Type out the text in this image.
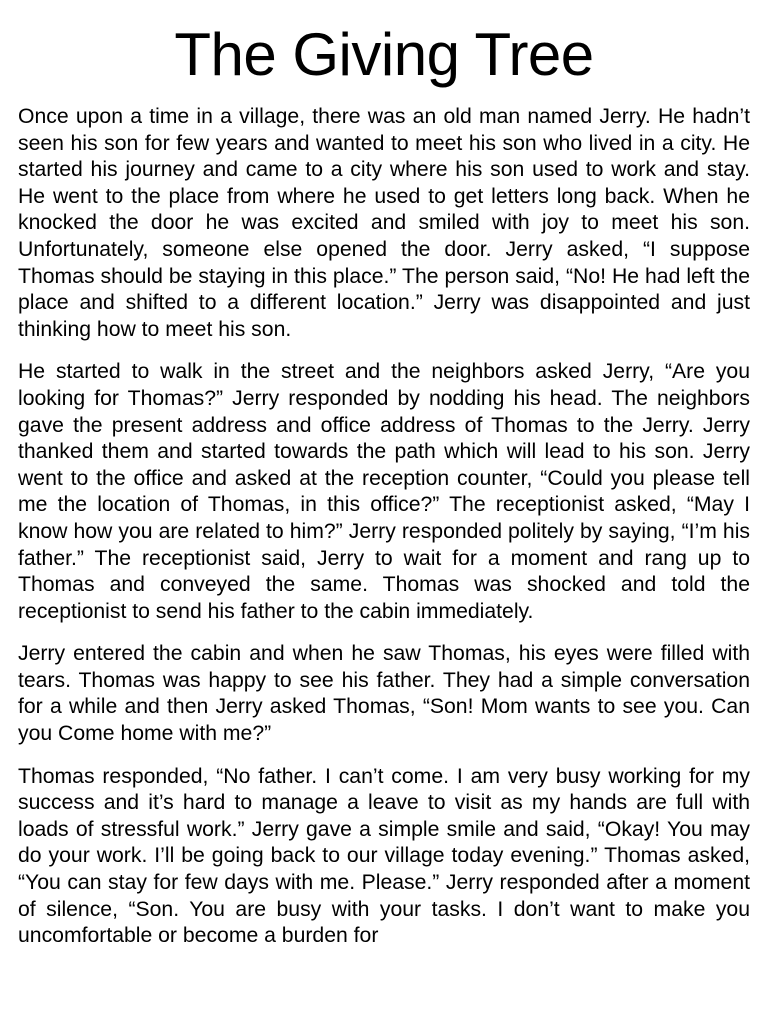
The Giving Tree

Once upon a time in a village, there was an old man named Jerry. He hadn’t seen his son for few years and wanted to meet his son who lived in a city. He started his journey and came to a city where his son used to work and stay. He went to the place from where he used to get letters long back. When he knocked the door he was excited and smiled with joy to meet his son. Unfortunately, someone else opened the door. Jerry asked, “I suppose Thomas should be staying in this place.” The person said, “No! He had left the place and shifted to a different location.” Jerry was disappointed and just thinking how to meet his son.

He started to walk in the street and the neighbors asked Jerry, “Are you looking for Thomas?” Jerry responded by nodding his head. The neighbors gave the present address and office address of Thomas to the Jerry. Jerry thanked them and started towards the path which will lead to his son. Jerry went to the office and asked at the reception counter, “Could you please tell me the location of Thomas, in this office?” The receptionist asked, “May I know how you are related to him?” Jerry responded politely by saying, “I’m his father.” The receptionist said, Jerry to wait for a moment and rang up to Thomas and conveyed the same. Thomas was shocked and told the receptionist to send his father to the cabin immediately.

Jerry entered the cabin and when he saw Thomas, his eyes were filled with tears. Thomas was happy to see his father. They had a simple conversation for a while and then Jerry asked Thomas, “Son! Mom wants to see you. Can you Come home with me?”

Thomas responded, “No father. I can’t come. I am very busy working for my success and it’s hard to manage a leave to visit as my hands are full with loads of stressful work.” Jerry gave a simple smile and said, “Okay! You may do your work. I’ll be going back to our village today evening.” Thomas asked, “You can stay for few days with me. Please.” Jerry responded after a moment of silence, “Son. You are busy with your tasks. I don’t want to make you uncomfortable or become a burden for
